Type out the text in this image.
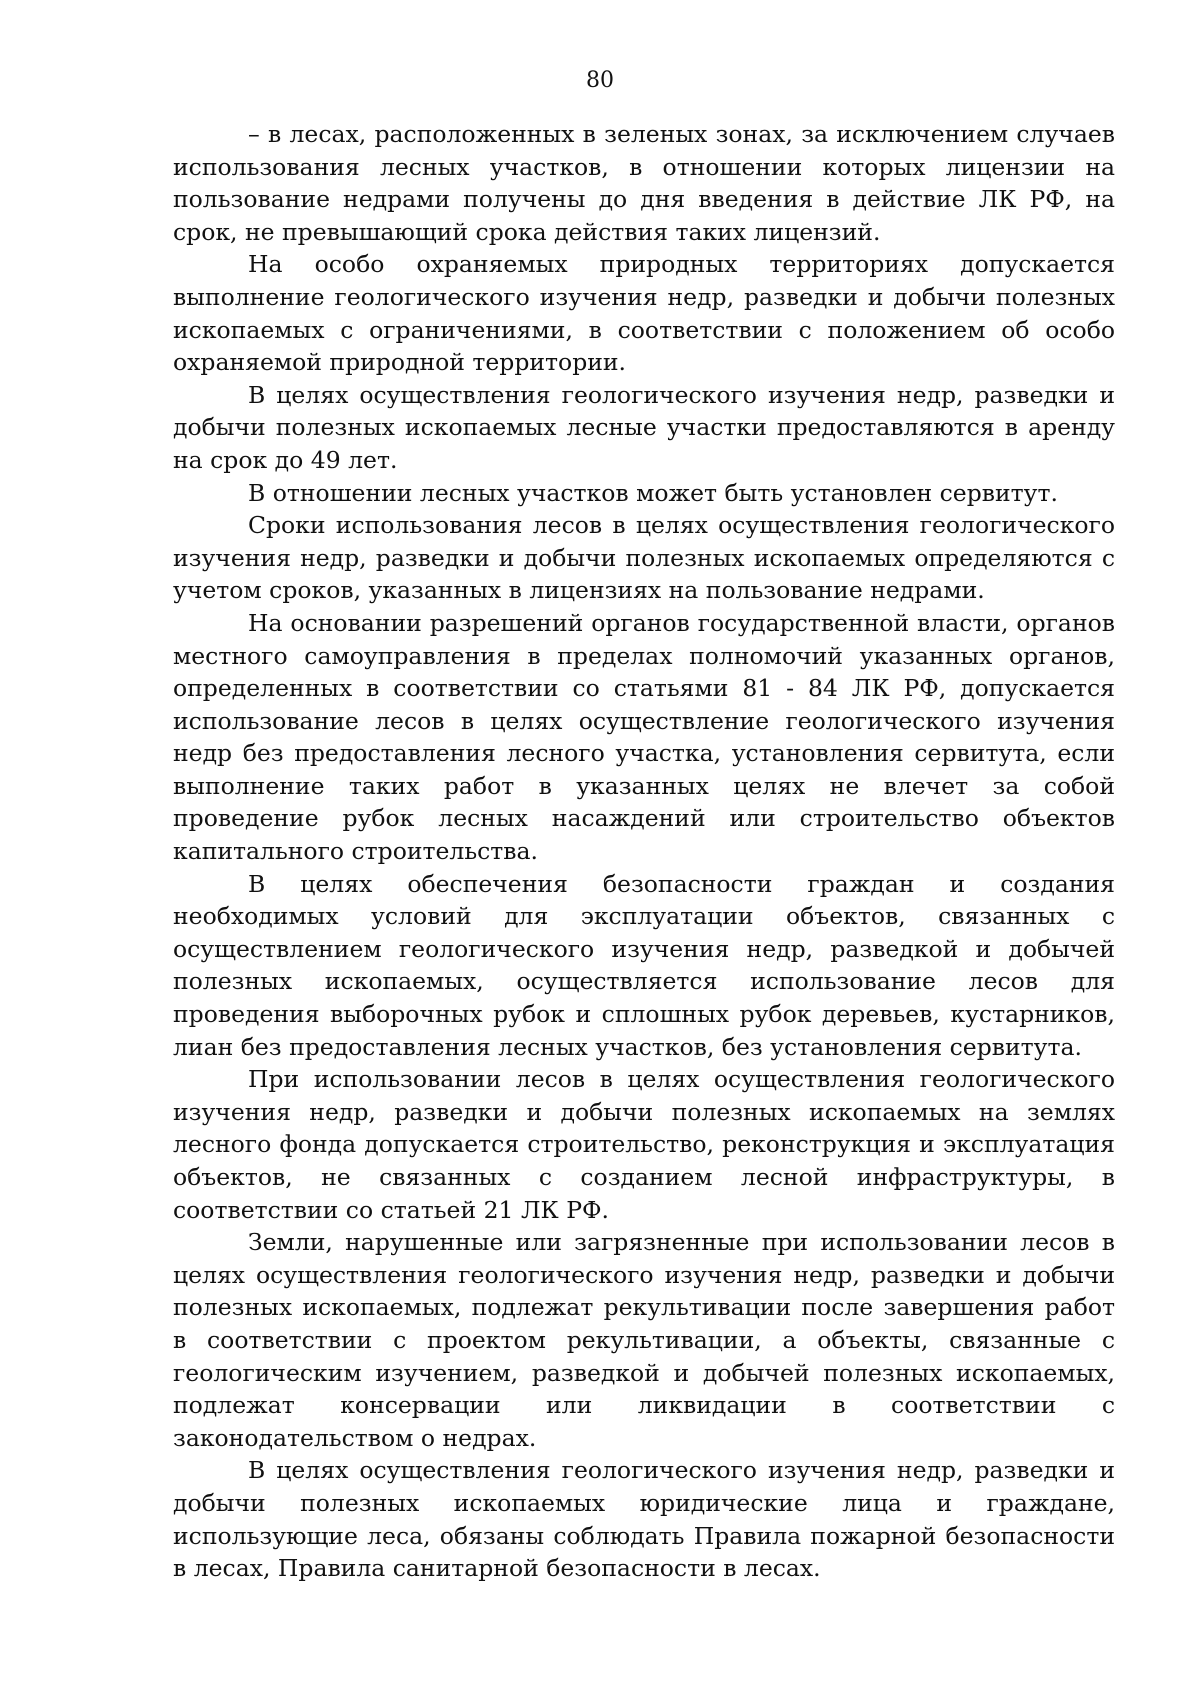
80

– в лесах, расположенных в зеленых зонах, за исключением случаев использования лесных участков, в отношении которых лицензии на пользование недрами получены до дня введения в действие ЛК РФ, на срок, не превышающий срока действия таких лицензий.

На особо охраняемых природных территориях допускается выполнение геологического изучения недр, разведки и добычи полезных ископаемых с ограничениями, в соответствии с положением об особо охраняемой природной территории.

В целях осуществления геологического изучения недр, разведки и добычи полезных ископаемых лесные участки предоставляются в аренду на срок до 49 лет.

В отношении лесных участков может быть установлен сервитут.

Сроки использования лесов в целях осуществления геологического изучения недр, разведки и добычи полезных ископаемых определяются с учетом сроков, указанных в лицензиях на пользование недрами.

На основании разрешений органов государственной власти, органов местного самоуправления в пределах полномочий указанных органов, определенных в соответствии со статьями 81 - 84 ЛК РФ, допускается использование лесов в целях осуществление геологического изучения недр без предоставления лесного участка, установления сервитута, если выполнение таких работ в указанных целях не влечет за собой проведение рубок лесных насаждений или строительство объектов капитального строительства.

В целях обеспечения безопасности граждан и создания необходимых условий для эксплуатации объектов, связанных с осуществлением геологического изучения недр, разведкой и добычей полезных ископаемых, осуществляется использование лесов для проведения выборочных рубок и сплошных рубок деревьев, кустарников, лиан без предоставления лесных участков, без установления сервитута.

При использовании лесов в целях осуществления геологического изучения недр, разведки и добычи полезных ископаемых на землях лесного фонда допускается строительство, реконструкция и эксплуатация объектов, не связанных с созданием лесной инфраструктуры, в соответствии со статьей 21 ЛК РФ.

Земли, нарушенные или загрязненные при использовании лесов в целях осуществления геологического изучения недр, разведки и добычи полезных ископаемых, подлежат рекультивации после завершения работ в соответствии с проектом рекультивации, а объекты, связанные с геологическим изучением, разведкой и добычей полезных ископаемых, подлежат консервации или ликвидации в соответствии с законодательством о недрах.

В целях осуществления геологического изучения недр, разведки и добычи полезных ископаемых юридические лица и граждане, использующие леса, обязаны соблюдать Правила пожарной безопасности в лесах, Правила санитарной безопасности в лесах.
